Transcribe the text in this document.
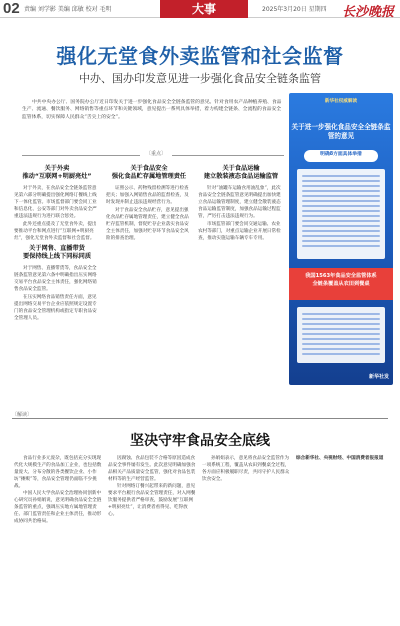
02 责编 刘学影 美编 邱敏 校对 毛明	大事	2025年3月20日 星期四 长沙晚报
强化无堂食外卖监管和社会监督
中办、国办印发意见进一步强化食品安全链条监管

中共中央办公厅、国务院办公厅近日印发关于进一步强化食品安全全链条监管的意见。针对食用农产品种植养殖、食品生产、流通、餐饮服务、网络销售等重点环节和关键领域，意见提出一系列具体举措，着力构建全链条、全流程的食品安全监管体系，切实保障人民群众“舌尖上的安全”。

〔重点〕
关于外卖
推动“互联网+明厨亮灶”

对于外卖，在食品安全全链条监管意见第六部分明确提出强化网络订餐线上线下一体化监管。市场监督部门要会同工业和信息化、公安等部门对外卖食品安全严重违法违规行为进行联合惩处。

此外还重点提及了无堂食外卖，提出要推动平台和网点进行“互联网+明厨亮灶”，强化无堂食外卖监督和社会监督。

关于网售、直播带货
要保持线上线下同标同质

对于网售、直播带货等，食品安全全链条监管意见第六条中明确指出压实网络交易平台食品安全主体责任，强化网络销售食品安全监管。

在压实网络食品销售责任方面，意见提出网络交易平台企业应依照规定设置专门的食品安全管理机构或指定专职食品安全管理人员。

关于食品安全
强化食品贮存属地管理责任

证照公示、药物残留检测等进行检查把关；加强入网销售食品的监督检查，及时发现并制止违法违规经营行为。

对于食品安全食品贮存，意见提出强化食品贮存属地管理责任，建立健全食品贮存监管机制，督促贮存企业落实食品安全主体责任，加强对贮存环节食品安全风险的排查治理。

关于食品运输
建立散装液态食品运输监管

针对“油罐车运输食用油乱象”，此次食品安全全链条监管意见明确提出加快建立食品运输管理制度，建立健全散装液态食品运输监管制度，加强食品运输过程监管，严厉打击违法违规行为。

市场监管部门要会同交通运输、农业农村等部门，对重点运输企业开展日常检查，推动实施运输车辆专车专用。

新华社权威解读
关于进一步强化食品安全全链条监管的意见
明确8方面具体举措
我国1563年食品安全监管体系
全链条覆盖从农田到餐桌
新华社发
〔解读〕
坚决守牢食品安全底线

食品行业多元庞杂，既包括充分实现现代化大规模生产的食品加工企业，也包括数量庞大、分布分散的各类餐饮企业、小作坊“摊贩”等，食品安全管理仍面临不少挑战。

中国人民大学食品安全治理协同创新中心研究员孙娟娟说，意见明确食品安全全链条监管的重点，强调压实地方属地管理责任、部门监管责任和企业主体责任，推动形成协同共治格局。

因腐蚀、食品包装不合格等原因造成食品安全事件屡有发生。此次意见明确加强食品相关产品质量安全监管，强化对食品包装材料等的生产经营监管。

针对网络订餐兴起带来的新问题，意见要求平台履行食品安全管理责任，对入网餐饮服务提供者严格审查，鼓励发展“互联网+明厨亮灶”，让消费者看得见、吃得放心。

孙娟娟表示，意见将食品安全监管作为一项系统工程，覆盖从农田到餐桌全过程，各方面应积极履职尽责，共同守护人民群众饮食安全。

综合新华社、央视财经、中国消费者报报道
